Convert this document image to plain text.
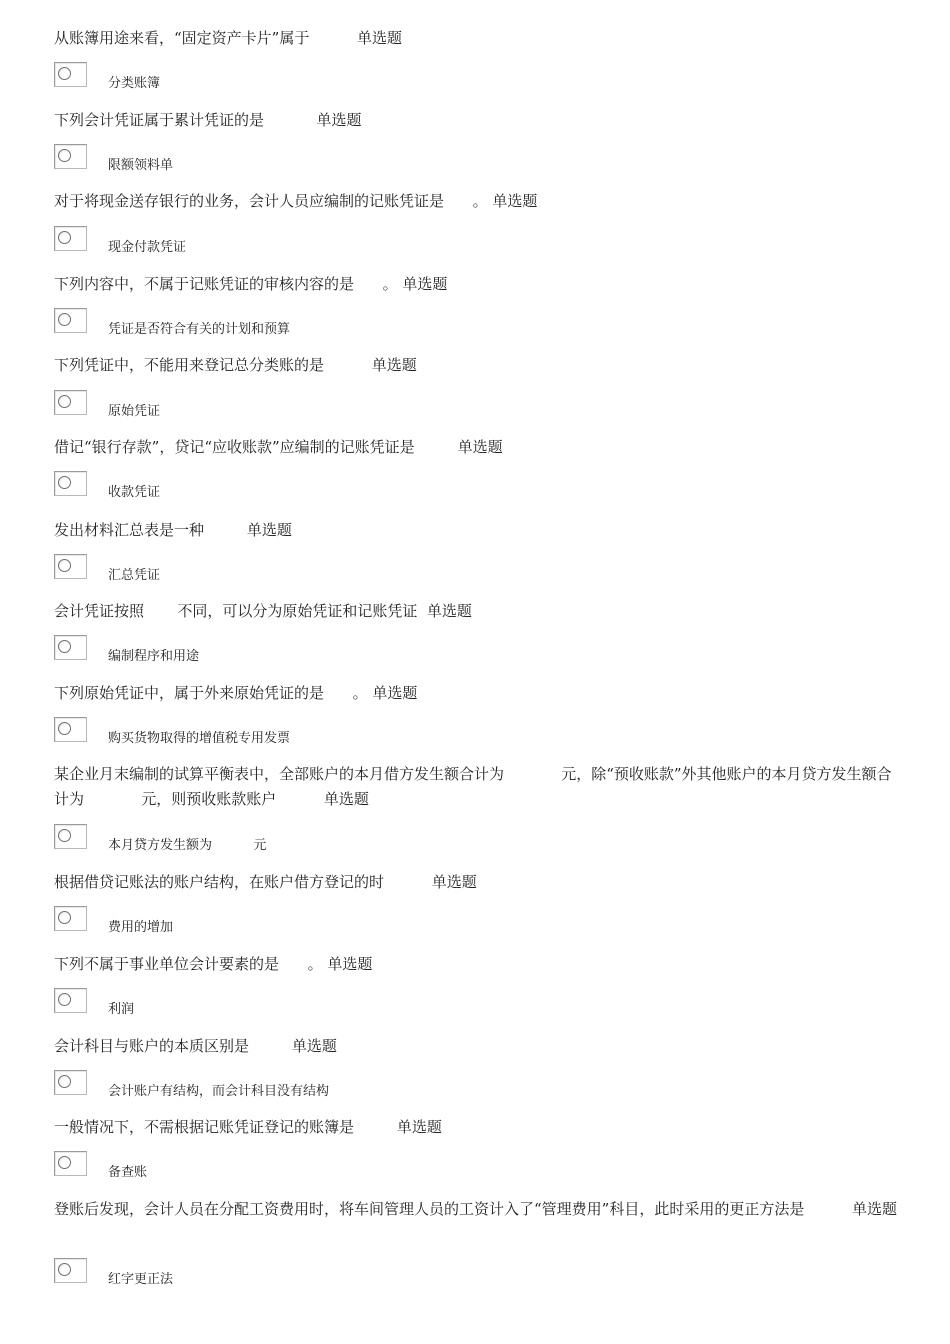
从账簿用途来看，“固定资产卡片”属于          单选题
分类账簿
下列会计凭证属于累计凭证的是           单选题
限额领料单
对于将现金送存银行的业务，会计人员应编制的记账凭证是      。 单选题
现金付款凭证
下列内容中，不属于记账凭证的审核内容的是      。 单选题
凭证是否符合有关的计划和预算
下列凭证中，不能用来登记总分类账的是          单选题
原始凭证
借记“银行存款”，贷记“应收账款”应编制的记账凭证是         单选题
收款凭证
发出材料汇总表是一种         单选题
汇总凭证
会计凭证按照       不同，可以分为原始凭证和记账凭证  单选题
编制程序和用途
下列原始凭证中，属于外来原始凭证的是      。 单选题
购买货物取得的增值税专用发票
某企业月末编制的试算平衡表中，全部账户的本月借方发生额合计为            元，除“预收账款”外其他账户的本月贷方发生额合计为            元，则预收账款账户          单选题
本月贷方发生额为          元
根据借贷记账法的账户结构，在账户借方登记的时          单选题
费用的增加
下列不属于事业单位会计要素的是      。 单选题
利润
会计科目与账户的本质区别是         单选题
会计账户有结构，而会计科目没有结构
一般情况下，不需根据记账凭证登记的账簿是         单选题
备查账
登账后发现，会计人员在分配工资费用时，将车间管理人员的工资计入了“管理费用”科目，此时采用的更正方法是          单选题
红字更正法
